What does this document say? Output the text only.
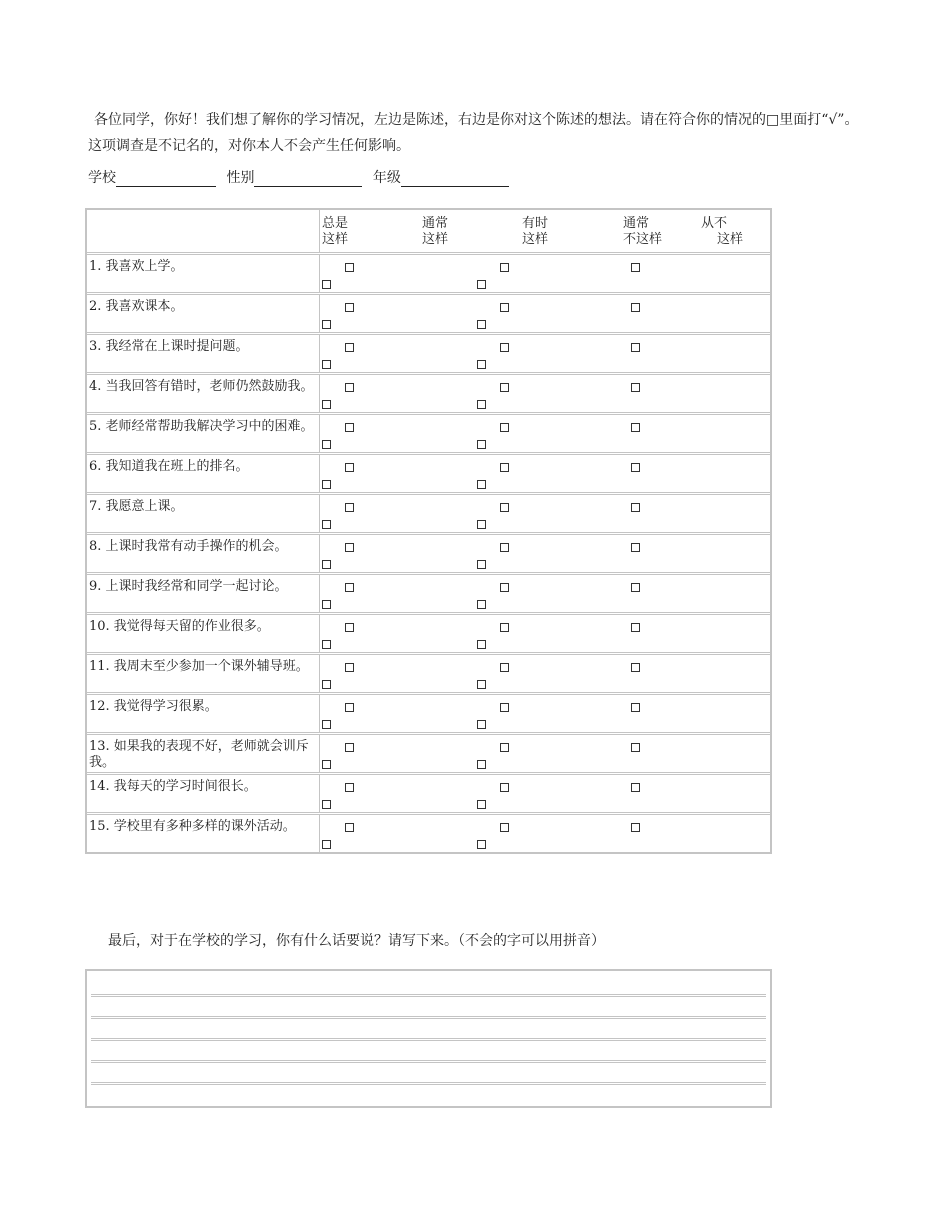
各位同学，你好！我们想了解你的学习情况，左边是陈述，右边是你对这个陈述的想法。请在符合你的情况的□里面打“√”。这项调查是不记名的，对你本人不会产生任何影响。

学校	性别	年级
总是
这样
通常
这样
有时
这样
通常
不这样
从不
这样
1. 我喜欢上学。
2. 我喜欢课本。
3. 我经常在上课时提问题。
4. 当我回答有错时，老师仍然鼓励我。
5. 老师经常帮助我解决学习中的困难。
6. 我知道我在班上的排名。
7. 我愿意上课。
8. 上课时我常有动手操作的机会。
9. 上课时我经常和同学一起讨论。
10. 我觉得每天留的作业很多。
11. 我周末至少参加一个课外辅导班。
12. 我觉得学习很累。
13. 如果我的表现不好，老师就会训斥我。
14. 我每天的学习时间很长。
15. 学校里有多种多样的课外活动。
最后，对于在学校的学习，你有什么话要说？请写下来。（不会的字可以用拼音）
